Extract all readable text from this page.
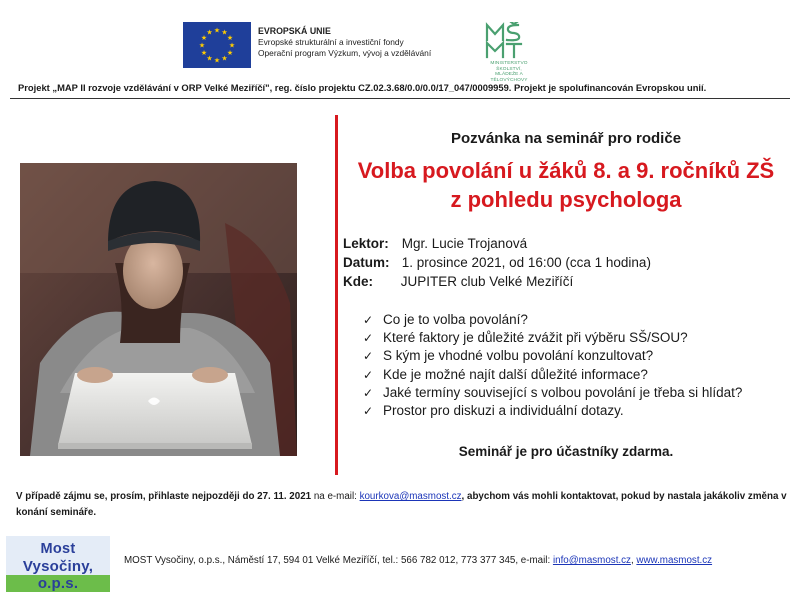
★ ★
★
★
★
★
★
★
★
★
★
★	EVROPSKÁ UNIE
Evropské strukturální a investiční fondy
Operační program Výzkum, vývoj a vzdělávání
MINISTERSTVO ŠKOLSTVÍ,
MLÁDEŽE A TĚLOVÝCHOVY
Projekt „MAP II rozvoje vzdělávání v ORP Velké Meziříčí", reg. číslo projektu CZ.02.3.68/0.0/0.0/17_047/0009959. Projekt je spolufinancován Evropskou unií.
Pozvánka na seminář pro rodiče
Volba povolání u žáků 8. a 9. ročníků ZŠ
z pohledu psychologa
Lektor: Mgr. Lucie Trojanová
Datum: 1. prosince 2021, od 16:00 (cca 1 hodina)
Kde: JUPITER club Velké Meziříčí
✓ Co je to volba povolání?
✓ Které faktory je důležité zvážit při výběru SŠ/SOU?
✓ S kým je vhodné volbu povolání konzultovat?
✓ Kde je možné najít další důležité informace?
✓ Jaké termíny související s volbou povolání je třeba si hlídat?
✓ Prostor pro diskuzi a individuální dotazy.
Seminář je pro účastníky zdarma.
V případě zájmu se, prosím, přihlaste nejpozději do 27. 11. 2021 na e-mail: kourkova@masmost.cz, abychom vás mohli kontaktovat, pokud by nastala jakákoliv změna v konání semináře.
Most
Vysočiny, o.p.s.
MOST Vysočiny, o.p.s., Náměstí 17, 594 01 Velké Meziříčí, tel.: 566 782 012, 773 377 345, e-mail: info@masmost.cz, www.masmost.cz
